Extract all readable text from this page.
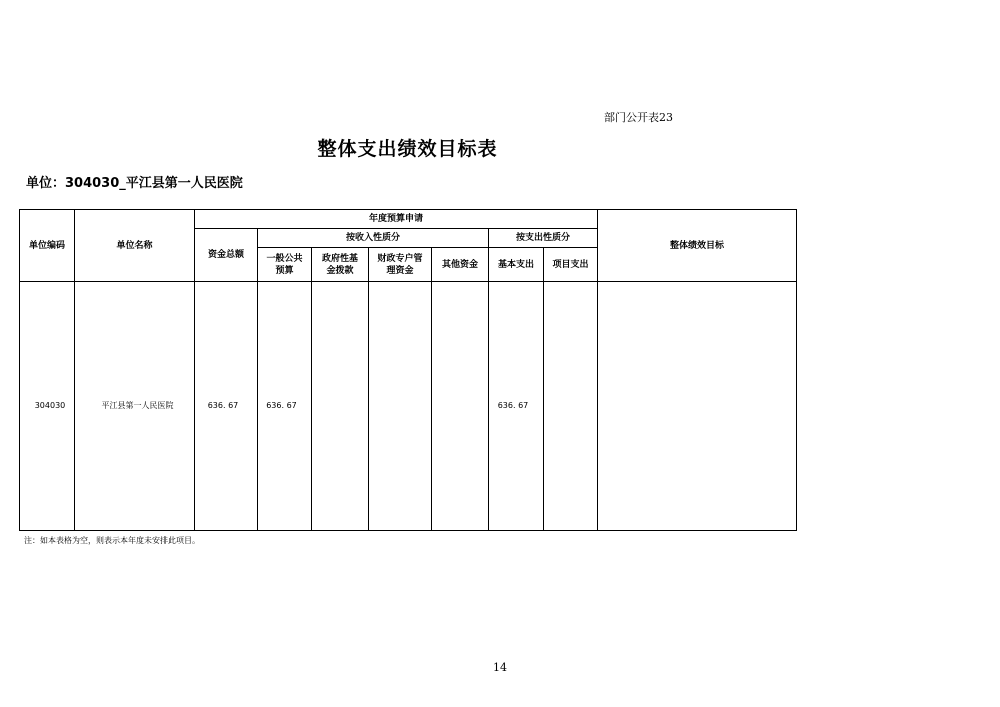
部门公开表23
整体支出绩效目标表
单位：304030_平江县第一人民医院
单位编码	单位名称	年度预算申请							整体绩效目标
		资金总额	按收入性质分				按支出性质分		
			一般公共预算	政府性基金拨款	财政专户管理资金	其他资金	基本支出	项目支出	
304030	平江县第一人民医院	636. 67	636. 67				636. 67		
注：如本表格为空，则表示本年度未安排此项目。
14
